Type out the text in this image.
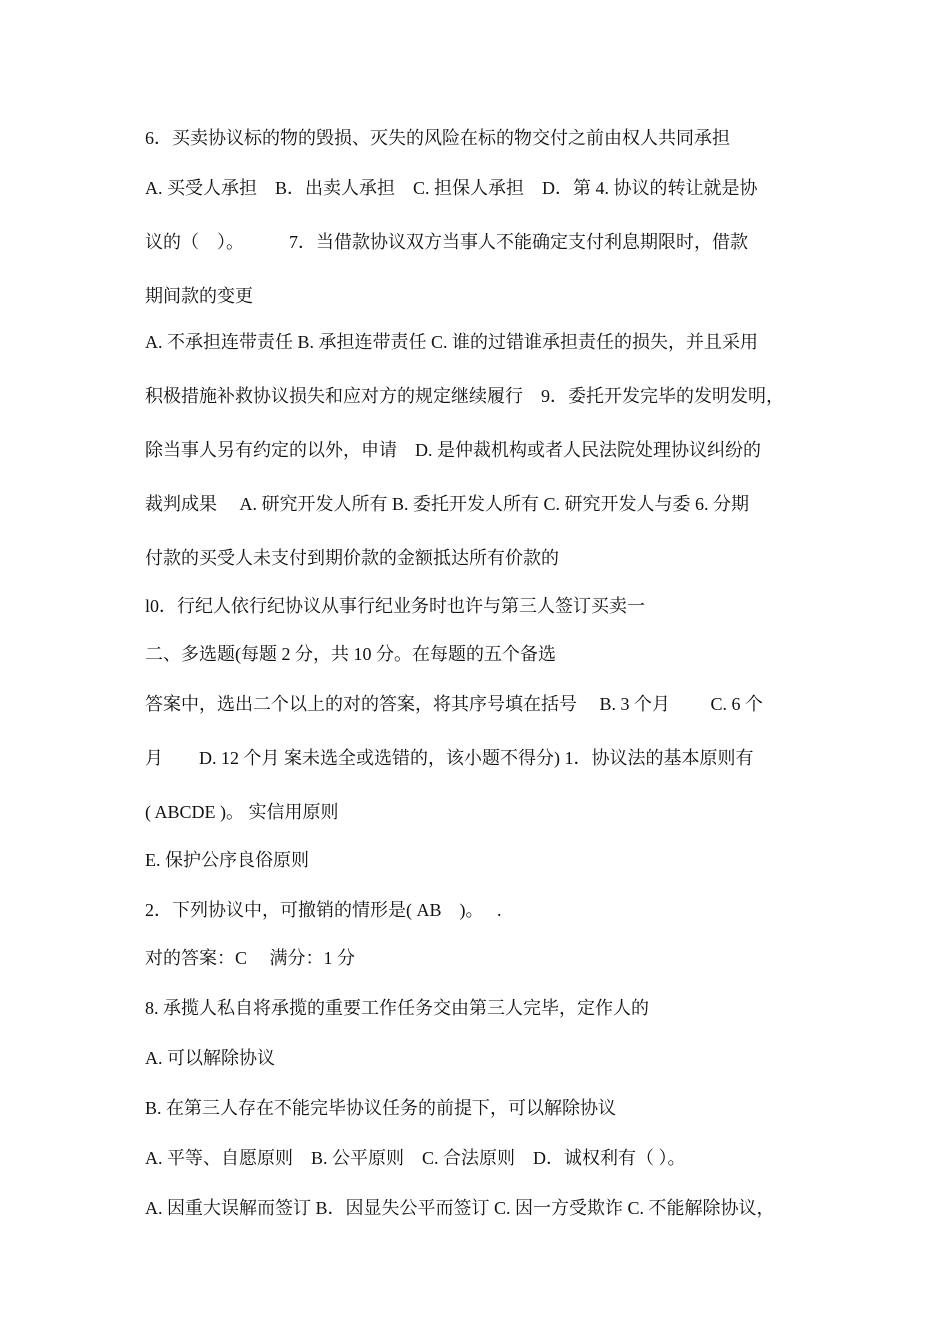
6．买卖协议标的物的毁损、灭失的风险在标的物交付之前由权人共同承担
A. 买受人承担　B．出卖人承担　C. 担保人承担　D．第 4. 协议的转让就是协
议的（　）。　　　7．当借款协议双方当事人不能确定支付利息期限时，借款
期间款的变更
A. 不承担连带责任 B. 承担连带责任 C. 谁的过错谁承担责任的损失，并且采用
积极措施补救协议损失和应对方的规定继续履行　9．委托开发完毕的发明发明，
除当事人另有约定的以外，申请　D. 是仲裁机构或者人民法院处理协议纠纷的
裁判成果　 A. 研究开发人所有 B. 委托开发人所有 C. 研究开发人与委 6. 分期
付款的买受人未支付到期价款的金额抵达所有价款的
l0．行纪人依行纪协议从事行纪业务时也许与第三人签订买卖一
二、多选题(每题 2 分，共 10 分。在每题的五个备选
答案中，选出二个以上的对的答案，将其序号填在括号　 B. 3 个月　　 C. 6 个
月　　D. 12 个月 案未选全或选错的，该小题不得分) 1．协议法的基本原则有
( ABCDE )。 实信用原则
E. 保护公序良俗原则
2．下列协议中，可撤销的情形是( AB　)。　 .
对的答案：C　 满分：1 分
8. 承揽人私自将承揽的重要工作任务交由第三人完毕，定作人的
A. 可以解除协议
B. 在第三人存在不能完毕协议任务的前提下，可以解除协议
A. 平等、自愿原则　B. 公平原则　C. 合法原则　D．诚权利有（ ）。
A. 因重大误解而签订 B．因显失公平而签订 C. 因一方受欺诈 C. 不能解除协议，
